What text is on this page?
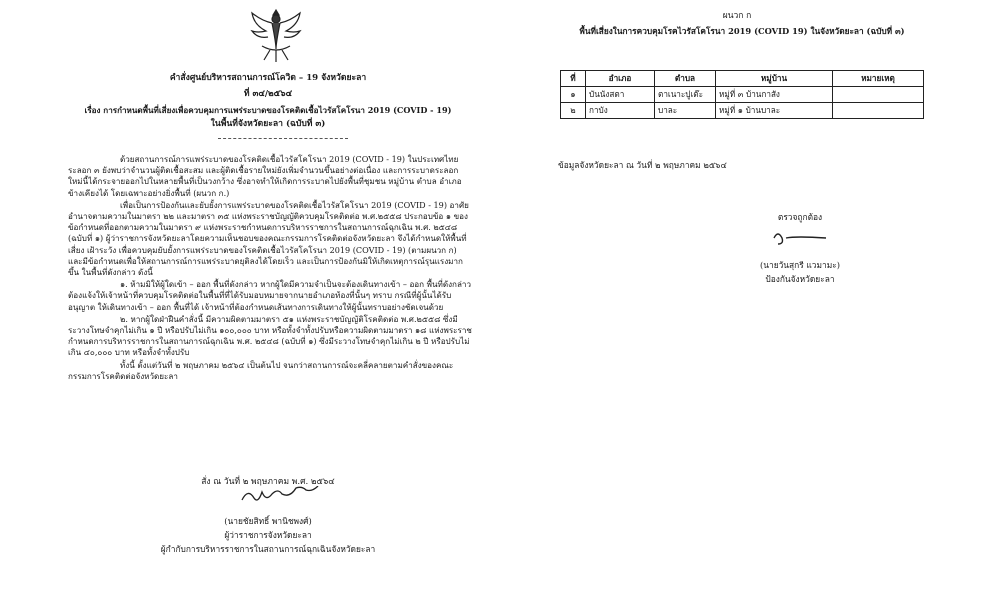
คำสั่งศูนย์บริหารสถานการณ์โควิด – 19 จังหวัดยะลา
ที่ ๓๔/๒๕๖๔
เรื่อง การกำหนดพื้นที่เสี่ยงเพื่อควบคุมการแพร่ระบาดของโรคติดเชื้อไวรัสโคโรนา 2019 (COVID - 19)
ในพื้นที่จังหวัดยะลา (ฉบับที่ ๓)

ด้วยสถานการณ์การแพร่ระบาดของโรคติดเชื้อไวรัสโคโรนา 2019 (COVID - 19) ในประเทศไทย ระลอก ๓ ยังพบว่าจำนวนผู้ติดเชื้อสะสม และผู้ติดเชื้อรายใหม่ยังเพิ่มจำนวนขึ้นอย่างต่อเนื่อง และการระบาดระลอกใหม่นี้ได้กระจายออกไปในหลายพื้นที่เป็นวงกว้าง ซึ่งอาจทำให้เกิดการระบาดไปยังพื้นที่ชุมชน หมู่บ้าน ตำบล อำเภอข้างเคียงได้ โดยเฉพาะอย่างยิ่งพื้นที่ (ผนวก ก.)

เพื่อเป็นการป้องกันและยับยั้งการแพร่ระบาดของโรคติดเชื้อไวรัสโคโรนา 2019 (COVID - 19) อาศัยอำนาจตามความในมาตรา ๒๒ และมาตรา ๓๕ แห่งพระราชบัญญัติควบคุมโรคติดต่อ พ.ศ.๒๕๕๘ ประกอบข้อ ๑ ของข้อกำหนดที่ออกตามความในมาตรา ๙ แห่งพระราชกำหนดการบริหารราชการในสถานการณ์ฉุกเฉิน พ.ศ. ๒๕๔๘ (ฉบับที่ ๑) ผู้ว่าราชการจังหวัดยะลาโดยความเห็นชอบของคณะกรรมการโรคติดต่อจังหวัดยะลา จึงได้กำหนดให้พื้นที่เสี่ยง เฝ้าระวัง เพื่อควบคุมยับยั้งการแพร่ระบาดของโรคติดเชื้อไวรัสโคโรนา 2019 (COVID - 19) (ตามผนวก ก) และมีข้อกำหนดเพื่อให้สถานการณ์การแพร่ระบาดยุติลงได้โดยเร็ว และเป็นการป้องกันมิให้เกิดเหตุการณ์รุนแรงมากขึ้น ในพื้นที่ดังกล่าว ดังนี้

๑. ห้ามมิให้ผู้ใดเข้า – ออก พื้นที่ดังกล่าว หากผู้ใดมีความจำเป็นจะต้องเดินทางเข้า – ออก พื้นที่ดังกล่าวต้องแจ้งให้เจ้าหน้าที่ควบคุมโรคติดต่อในพื้นที่ที่ได้รับมอบหมายจากนายอำเภอท้องที่นั้นๆ ทราบ กรณีที่ผู้นั้นได้รับอนุญาต ให้เดินทางเข้า – ออก พื้นที่ได้ เจ้าหน้าที่ต้องกำหนดเส้นทางการเดินทางให้ผู้นั้นทราบอย่างชัดเจนด้วย

๒. หากผู้ใดฝ่าฝืนคำสั่งนี้ มีความผิดตามมาตรา ๕๑ แห่งพระราชบัญญัติโรคติดต่อ พ.ศ.๒๕๕๘ ซึ่งมีระวางโทษจำคุกไม่เกิน ๑ ปี หรือปรับไม่เกิน ๑๐๐,๐๐๐ บาท หรือทั้งจำทั้งปรับหรือความผิดตามมาตรา ๑๘ แห่งพระราชกำหนดการบริหารราชการในสถานการณ์ฉุกเฉิน พ.ศ. ๒๕๔๘ (ฉบับที่ ๑) ซึ่งมีระวางโทษจำคุกไม่เกิน ๒ ปี หรือปรับไม่เกิน ๔๐,๐๐๐ บาท หรือทั้งจำทั้งปรับ

ทั้งนี้ ตั้งแต่วันที่ ๒ พฤษภาคม ๒๕๖๔ เป็นต้นไป จนกว่าสถานการณ์จะคลี่คลายตามคำสั่งของคณะกรรมการโรคติดต่อจังหวัดยะลา

สั่ง ณ วันที่ ๒ พฤษภาคม พ.ศ. ๒๕๖๔
(นายชัยสิทธิ์ พานิชพงศ์)
ผู้ว่าราชการจังหวัดยะลา
ผู้กำกับการบริหารราชการในสถานการณ์ฉุกเฉินจังหวัดยะลา
ผนวก ก
พื้นที่เสี่ยงในการควบคุมโรคไวรัสโคโรนา 2019 (COVID 19) ในจังหวัดยะลา (ฉบับที่ ๓)
ที่	อำเภอ	ตำบล	หมู่บ้าน	หมายเหตุ
๑	บันนังสตา	ตาเนาะปูเต๊ะ	หมู่ที่ ๓ บ้านกาสัง	
๒	กาบัง	บาละ	หมู่ที่ ๑ บ้านบาละ	
ข้อมูลจังหวัดยะลา ณ วันที่ ๒ พฤษภาคม ๒๕๖๔
ตรวจถูกต้อง
(นายวันสุกรี แวมามะ)
ป้องกันจังหวัดยะลา
